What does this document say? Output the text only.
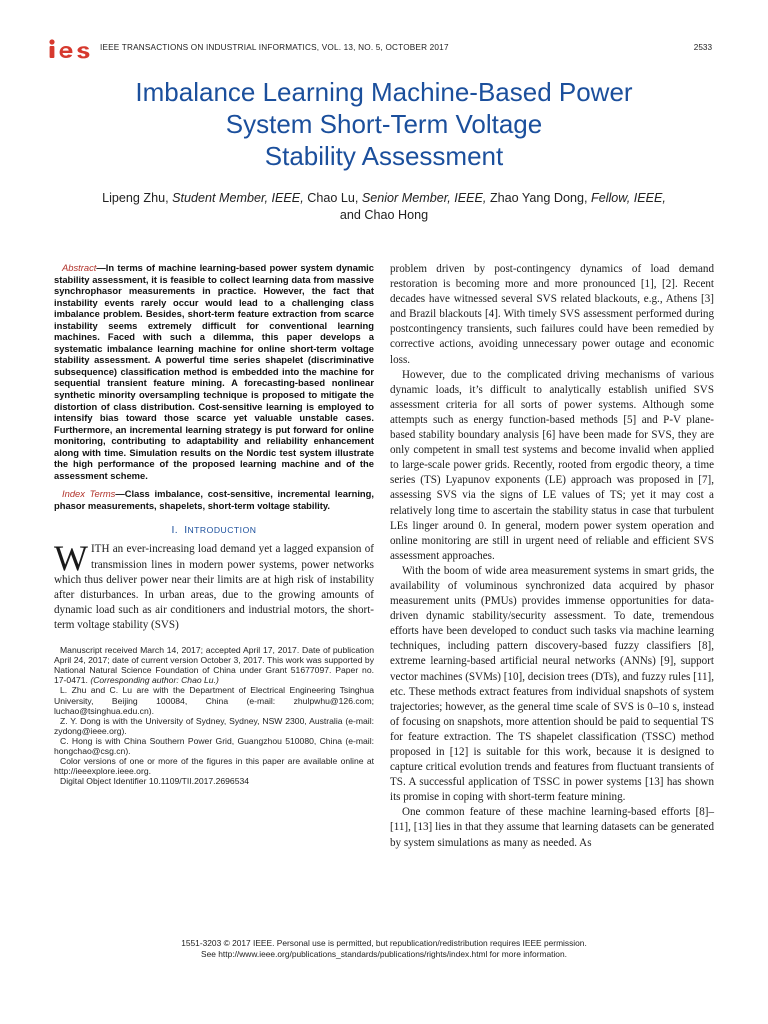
IEEE TRANSACTIONS ON INDUSTRIAL INFORMATICS, VOL. 13, NO. 5, OCTOBER 2017	2533
Imbalance Learning Machine-Based Power
System Short-Term Voltage
Stability Assessment

Lipeng Zhu, Student Member, IEEE, Chao Lu, Senior Member, IEEE, Zhao Yang Dong, Fellow, IEEE,
and Chao Hong

Abstract—In terms of machine learning-based power system dynamic stability assessment, it is feasible to collect learning data from massive synchrophasor measurements in practice. However, the fact that instability events rarely occur would lead to a challenging class imbalance problem. Besides, short-term feature extraction from scarce instability seems extremely difficult for conventional learning machines. Faced with such a dilemma, this paper develops a systematic imbalance learning machine for online short-term voltage stability assessment. A powerful time series shapelet (discriminative subsequence) classification method is embedded into the machine for sequential transient feature mining. A forecasting-based nonlinear synthetic minority oversampling technique is proposed to mitigate the distortion of class distribution. Cost-sensitive learning is employed to intensify bias toward those scarce yet valuable unstable cases. Furthermore, an incremental learning strategy is put forward for online monitoring, contributing to adaptability and reliability enhancement along with time. Simulation results on the Nordic test system illustrate the high performance of the proposed learning machine and of the assessment scheme.

Index Terms—Class imbalance, cost-sensitive, incremental learning, phasor measurements, shapelets, short-term voltage stability.

I. INTRODUCTION

WITH an ever-increasing load demand yet a lagged expansion of transmission lines in modern power systems, power networks which thus deliver power near their limits are at high risk of instability after disturbances. In urban areas, due to the growing amounts of dynamic load such as air conditioners and industrial motors, the short-term voltage stability (SVS)

Manuscript received March 14, 2017; accepted April 17, 2017. Date of publication April 24, 2017; date of current version October 3, 2017. This work was supported by National Natural Science Foundation of China under Grant 51677097. Paper no. 17-0471. (Corresponding author: Chao Lu.)

L. Zhu and C. Lu are with the Department of Electrical Engineering Tsinghua University, Beijing 100084, China (e-mail: zhulpwhu@126.com; luchao@tsinghua.edu.cn).

Z. Y. Dong is with the University of Sydney, Sydney, NSW 2300, Australia (e-mail: zydong@ieee.org).

C. Hong is with China Southern Power Grid, Guangzhou 510080, China (e-mail: hongchao@csg.cn).

Color versions of one or more of the figures in this paper are available online at http://ieeexplore.ieee.org.

Digital Object Identifier 10.1109/TII.2017.2696534

problem driven by post-contingency dynamics of load demand restoration is becoming more and more pronounced [1], [2]. Recent decades have witnessed several SVS related blackouts, e.g., Athens [3] and Brazil blackouts [4]. With timely SVS assessment performed during postcontingency transients, such failures could have been remedied by corrective actions, avoiding unnecessary power outage and economic loss.

However, due to the complicated driving mechanisms of various dynamic loads, it’s difficult to analytically establish unified SVS assessment criteria for all sorts of power systems. Although some attempts such as energy function-based methods [5] and P-V plane-based stability boundary analysis [6] have been made for SVS, they are only competent in small test systems and become invalid when applied to large-scale power grids. Recently, rooted from ergodic theory, a time series (TS) Lyapunov exponents (LE) approach was proposed in [7], assessing SVS via the signs of LE values of TS; yet it may cost a relatively long time to ascertain the stability status in case that turbulent LEs linger around 0. In general, modern power system operation and online monitoring are still in urgent need of reliable and efficient SVS assessment approaches.

With the boom of wide area measurement systems in smart grids, the availability of voluminous synchronized data acquired by phasor measurement units (PMUs) provides immense opportunities for data-driven dynamic stability/security assessment. To date, tremendous efforts have been developed to conduct such tasks via machine learning techniques, including pattern discovery-based fuzzy classifiers [8], extreme learning-based artificial neural networks (ANNs) [9], support vector machines (SVMs) [10], decision trees (DTs), and fuzzy rules [11], etc. These methods extract features from individual snapshots of system trajectories; however, as the general time scale of SVS is 0–10 s, instead of focusing on snapshots, more attention should be paid to sequential TS for feature extraction. The TS shapelet classification (TSSC) method proposed in [12] is suitable for this work, because it is designed to capture critical evolution trends and features from fluctuant transients of TS. A successful application of TSSC in power systems [13] has shown its promise in coping with short-term feature mining.

One common feature of these machine learning-based efforts [8]–[11], [13] lies in that they assume that learning datasets can be generated by system simulations as many as needed. As

1551-3203 © 2017 IEEE. Personal use is permitted, but republication/redistribution requires IEEE permission.
See http://www.ieee.org/publications_standards/publications/rights/index.html for more information.
